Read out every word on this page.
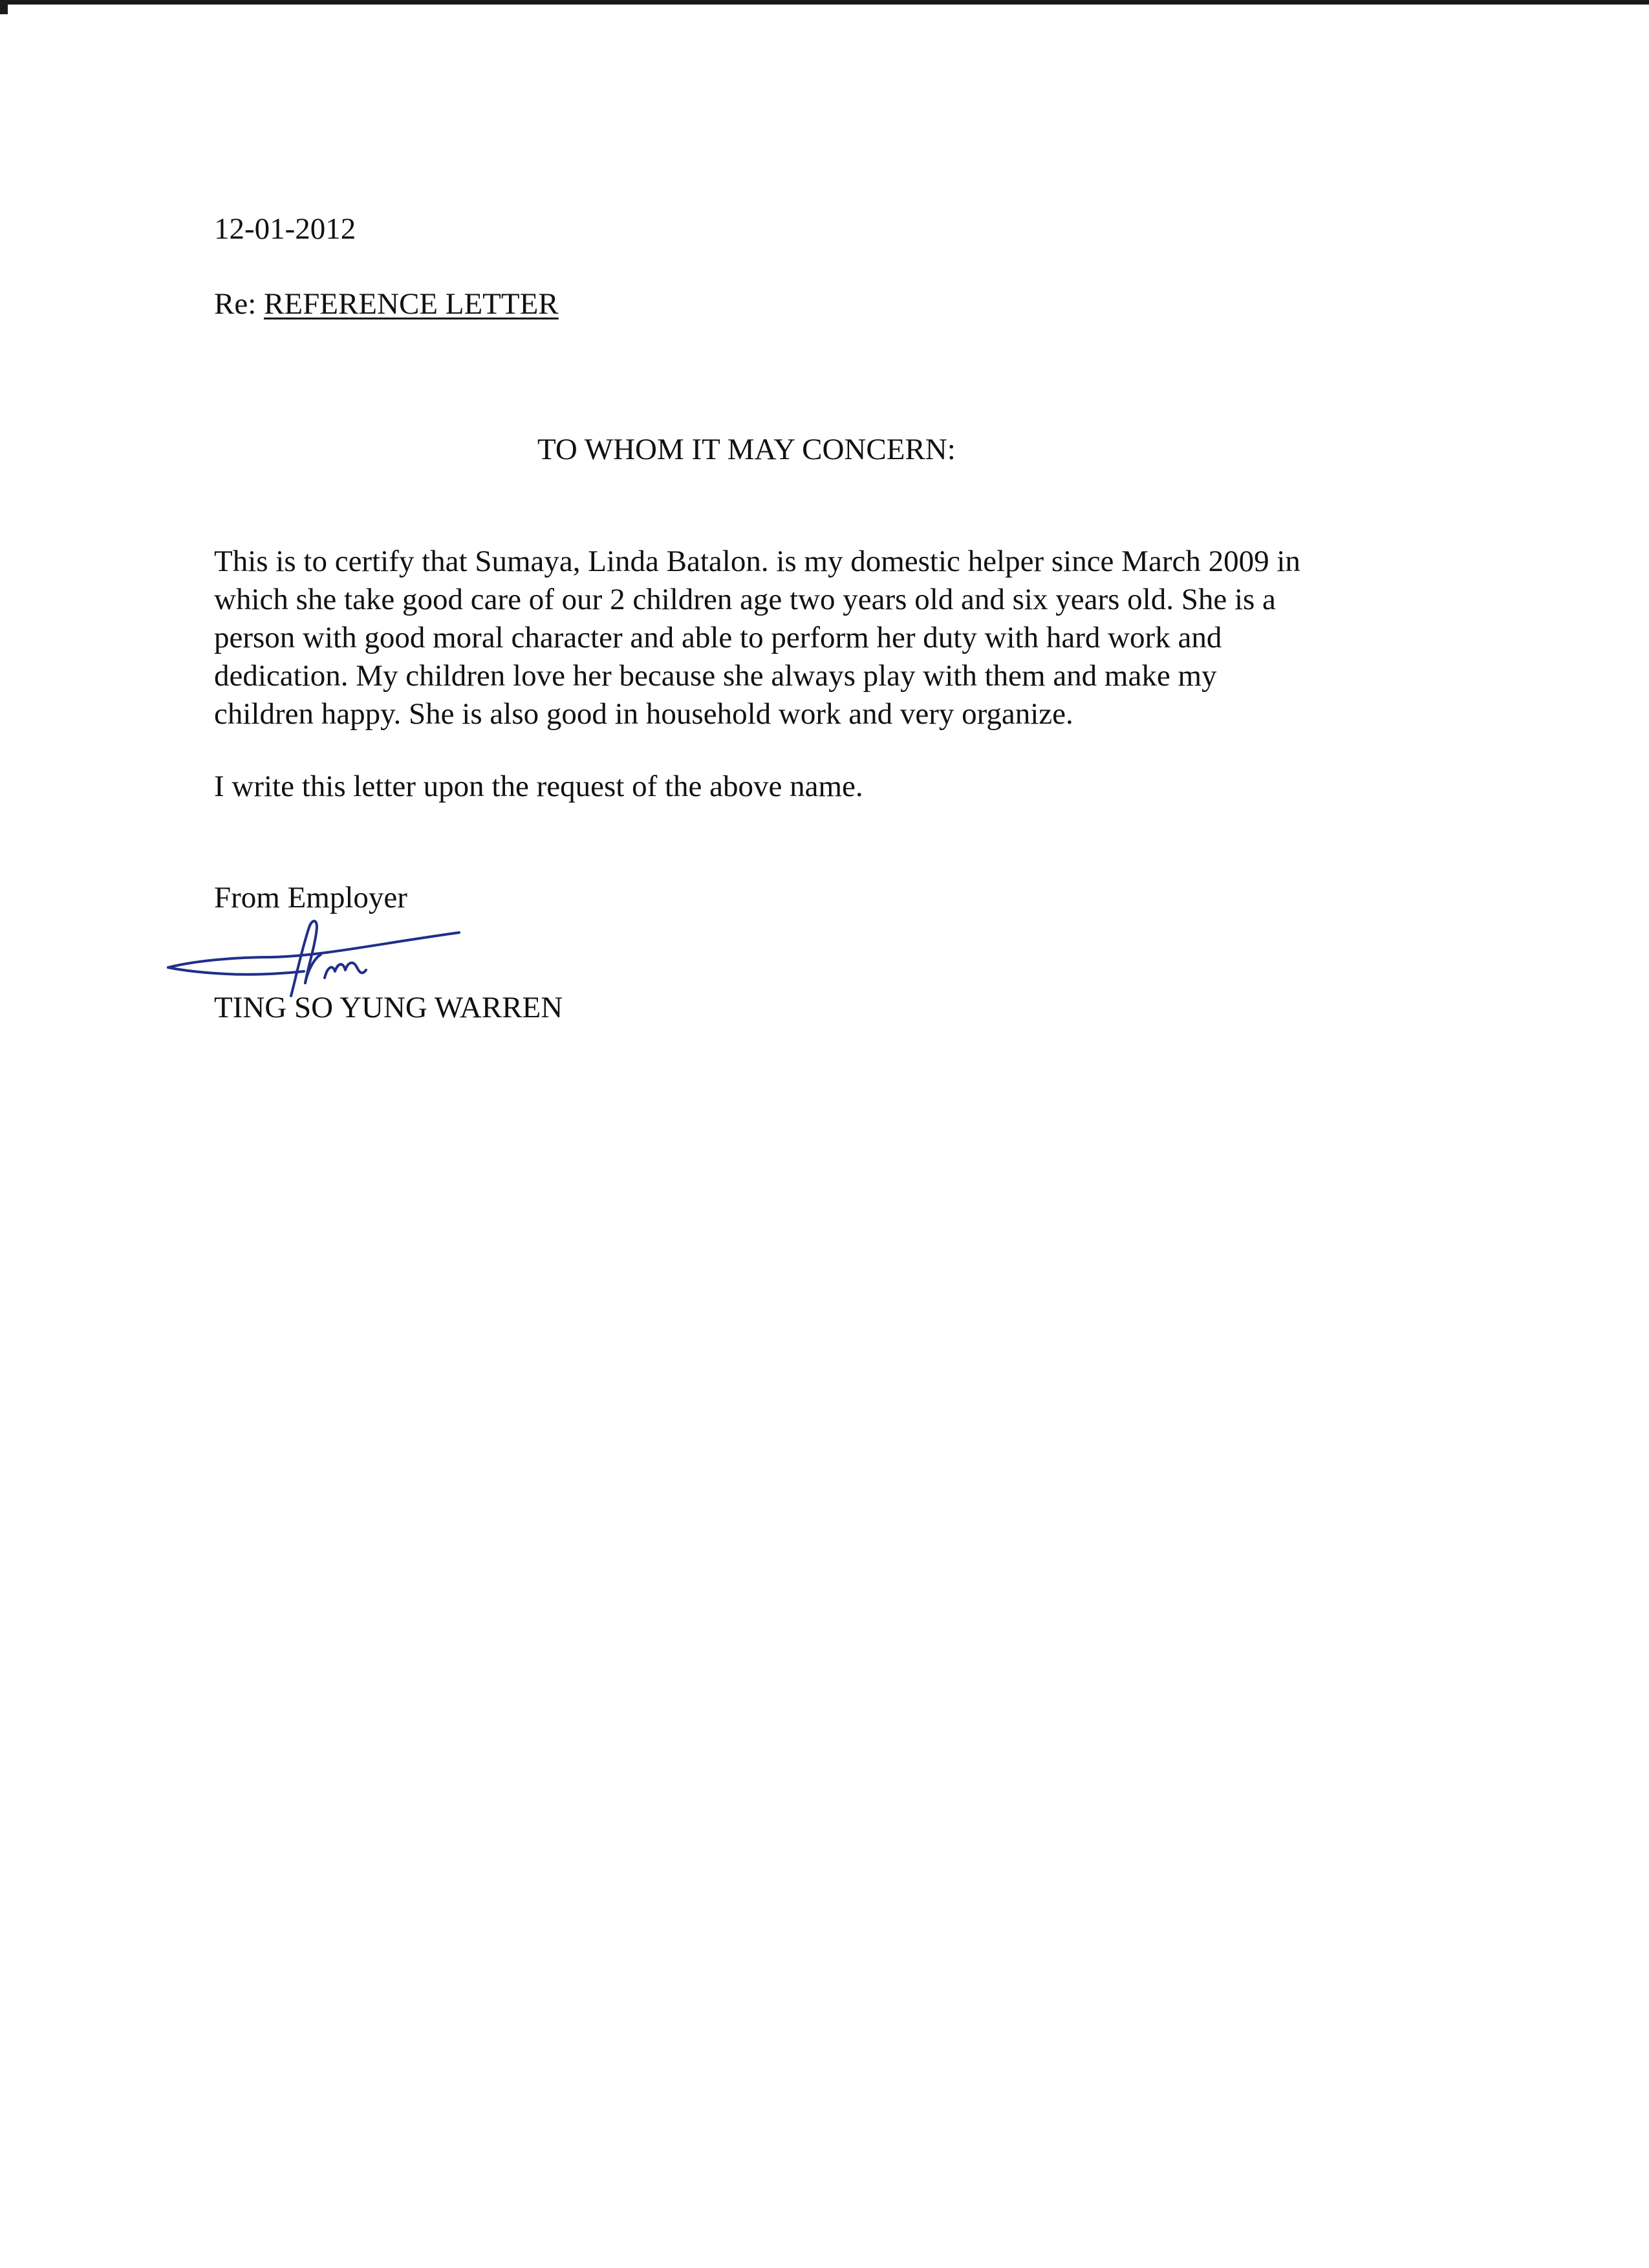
12-01-2012
Re: REFERENCE LETTER
TO WHOM IT MAY CONCERN:
This is to certify that Sumaya, Linda Batalon. is my domestic helper since March 2009 in
which she take good care of our 2 children age two years old and six years old. She is a
person with good moral character and able to perform her duty with hard work and
dedication. My children love her because she always play with them and make my
children happy. She is also good in household work and very organize.
I write this letter upon the request of the above name.
From Employer
TING SO YUNG WARREN
